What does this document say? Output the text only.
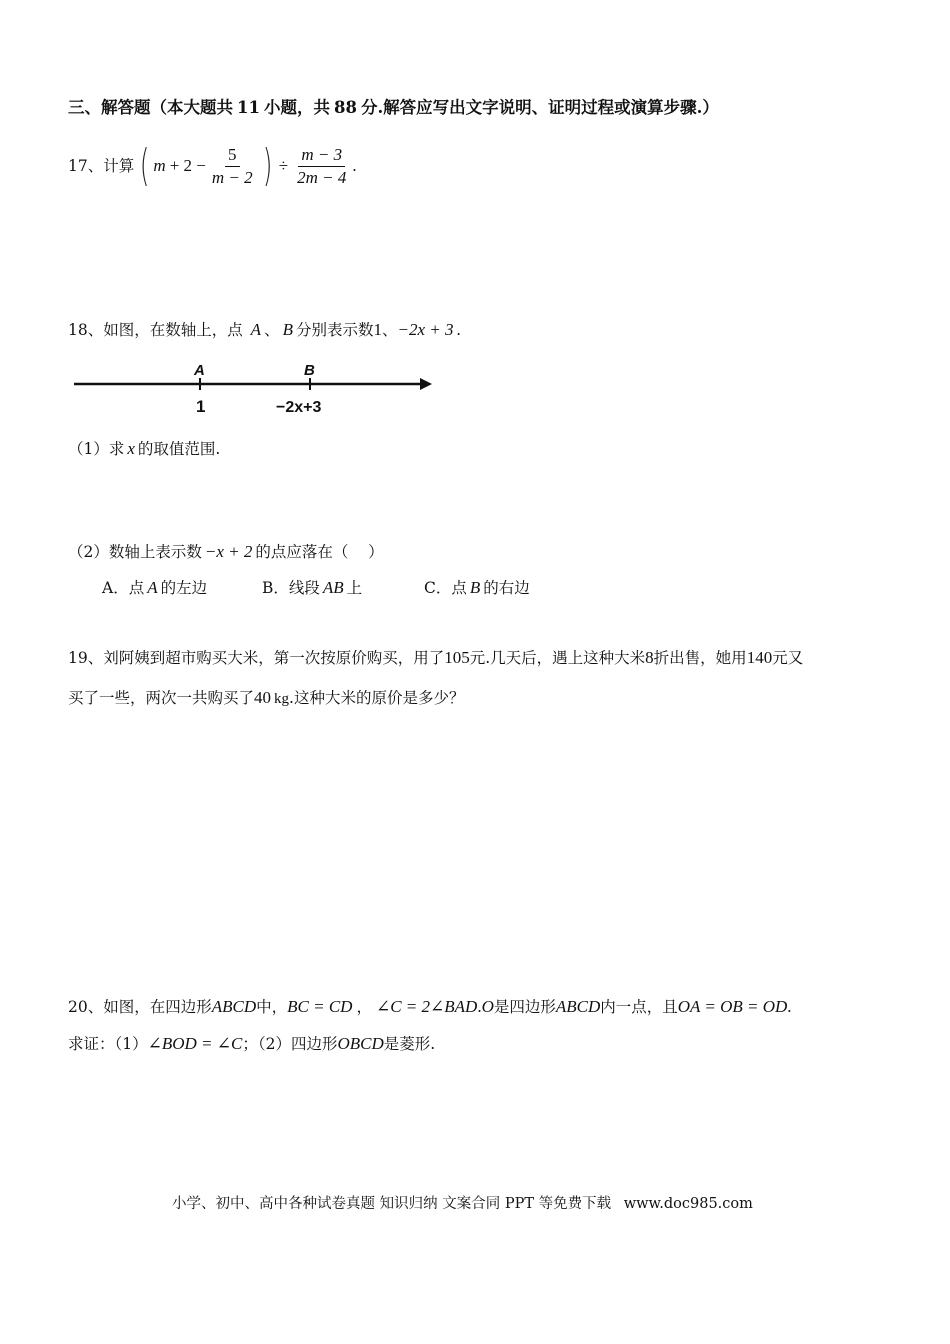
三、解答题（本大题共 11 小题，共 88 分.解答应写出文字说明、证明过程或演算步骤.）
17、计算 ( $m + 2 - \frac{5}{m - 2}$ ) ÷ $\frac{m - 3}{2m - 4}$ .
18、如图，在数轴上，点 A 、 B 分别表示数1、−2x + 3 .
A	B
1	−2x+3
（1）求 x 的取值范围.
（2）数轴上表示数 −x + 2 的点应落在（    ）
A．点 A 的左边	B．线段 AB 上	C．点 B 的右边
19、刘阿姨到超市购买大米，第一次按原价购买，用了105元.几天后，遇上这种大米8折出售，她用140元又
买了一些，两次一共购买了40 kg.这种大米的原价是多少？
20、如图，在四边形ABCD中，BC = CD ， ∠C = 2∠BAD.O是四边形ABCD内一点，且OA = OB = OD.
求证：（1）∠BOD = ∠C；（2）四边形OBCD是菱形.
小学、初中、高中各种试卷真题 知识归纳 文案合同 PPT 等免费下载 www.doc985.com
